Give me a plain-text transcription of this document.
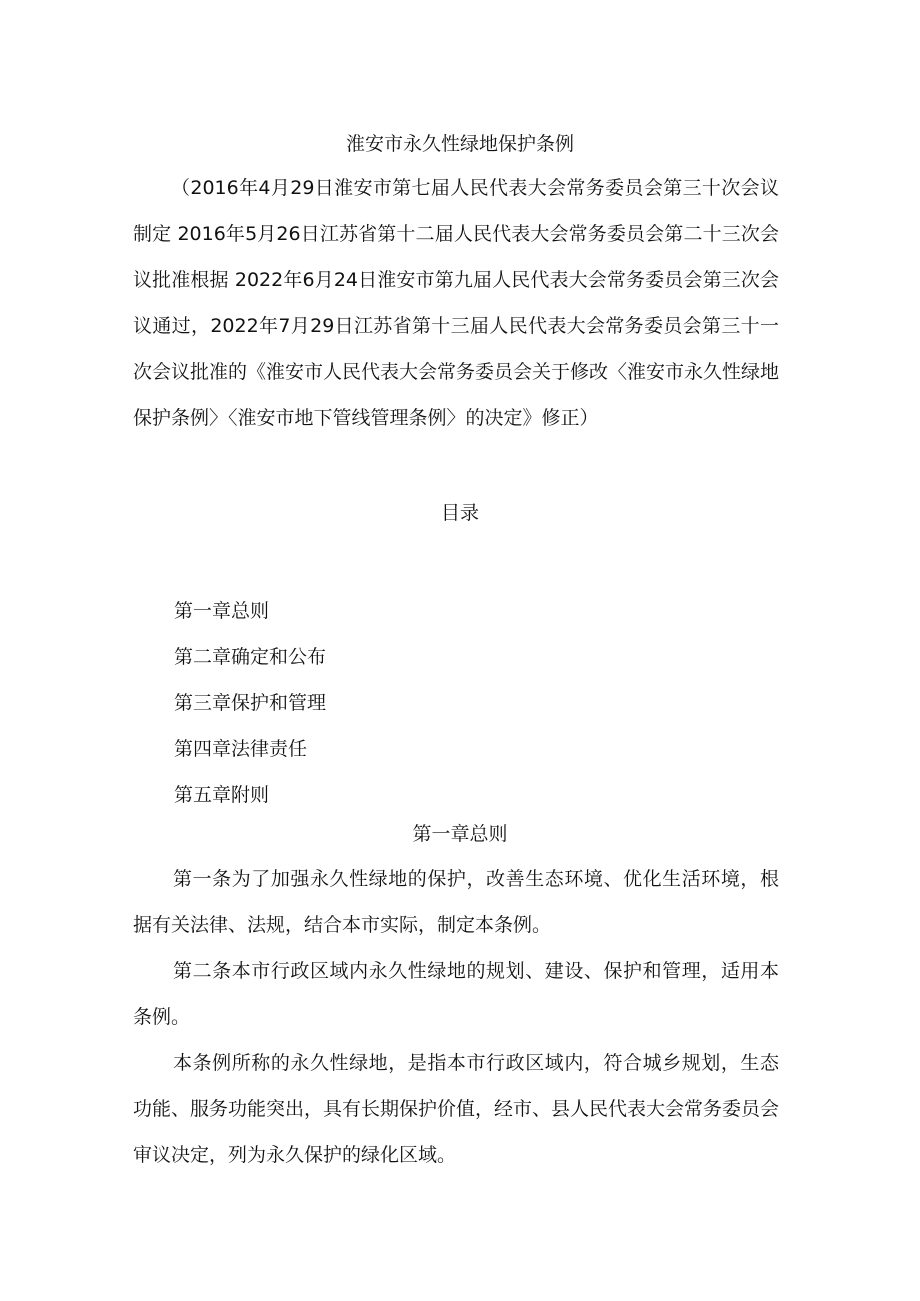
淮安市永久性绿地保护条例

（2016年4月29日淮安市第七届人民代表大会常务委员会第三十次会议制定 2016年5月26日江苏省第十二届人民代表大会常务委员会第二十三次会议批准根据 2022年6月24日淮安市第九届人民代表大会常务委员会第三次会议通过，2022年7月29日江苏省第十三届人民代表大会常务委员会第三十一次会议批准的《淮安市人民代表大会常务委员会关于修改〈淮安市永久性绿地保护条例〉〈淮安市地下管线管理条例〉的决定》修正）

目录
第一章总则
第二章确定和公布
第三章保护和管理
第四章法律责任
第五章附则
第一章总则

第一条为了加强永久性绿地的保护，改善生态环境、优化生活环境，根据有关法律、法规，结合本市实际，制定本条例。

第二条本市行政区域内永久性绿地的规划、建设、保护和管理，适用本条例。

本条例所称的永久性绿地，是指本市行政区域内，符合城乡规划，生态功能、服务功能突出，具有长期保护价值，经市、县人民代表大会常务委员会审议决定，列为永久保护的绿化区域。
